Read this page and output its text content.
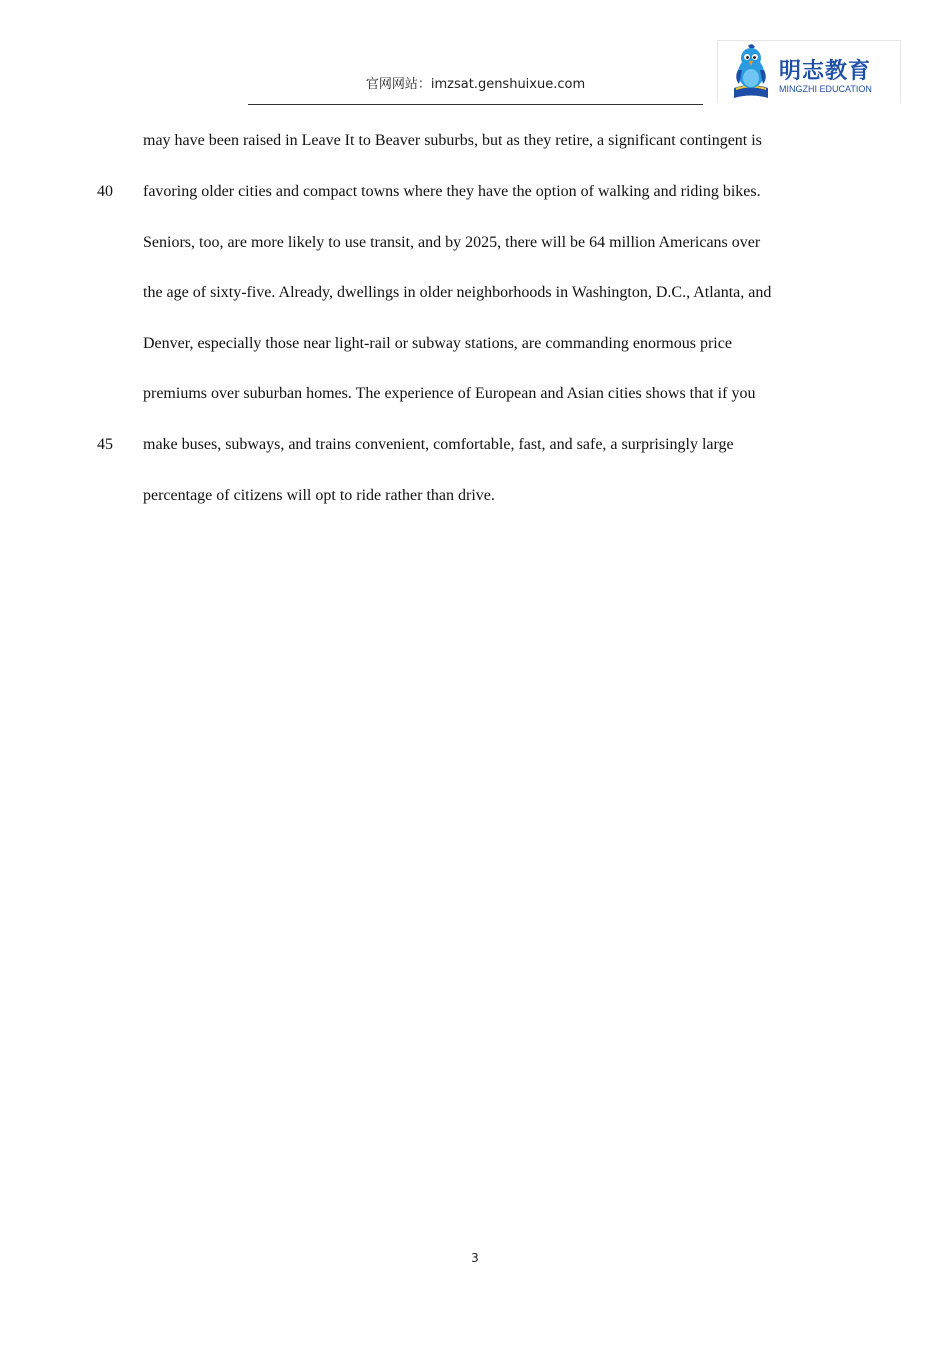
官网网站：imzsat.genshuixue.com
明志教育
MINGZHI EDUCATION
may have been raised in Leave It to Beaver suburbs, but as they retire, a significant contingent is
40 favoring older cities and compact towns where they have the option of walking and riding bikes.
Seniors, too, are more likely to use transit, and by 2025, there will be 64 million Americans over
the age of sixty-five. Already, dwellings in older neighborhoods in Washington, D.C., Atlanta, and
Denver, especially those near light-rail or subway stations, are commanding enormous price
premiums over suburban homes. The experience of European and Asian cities shows that if you
45 make buses, subways, and trains convenient, comfortable, fast, and safe, a surprisingly large
percentage of citizens will opt to ride rather than drive.
3
